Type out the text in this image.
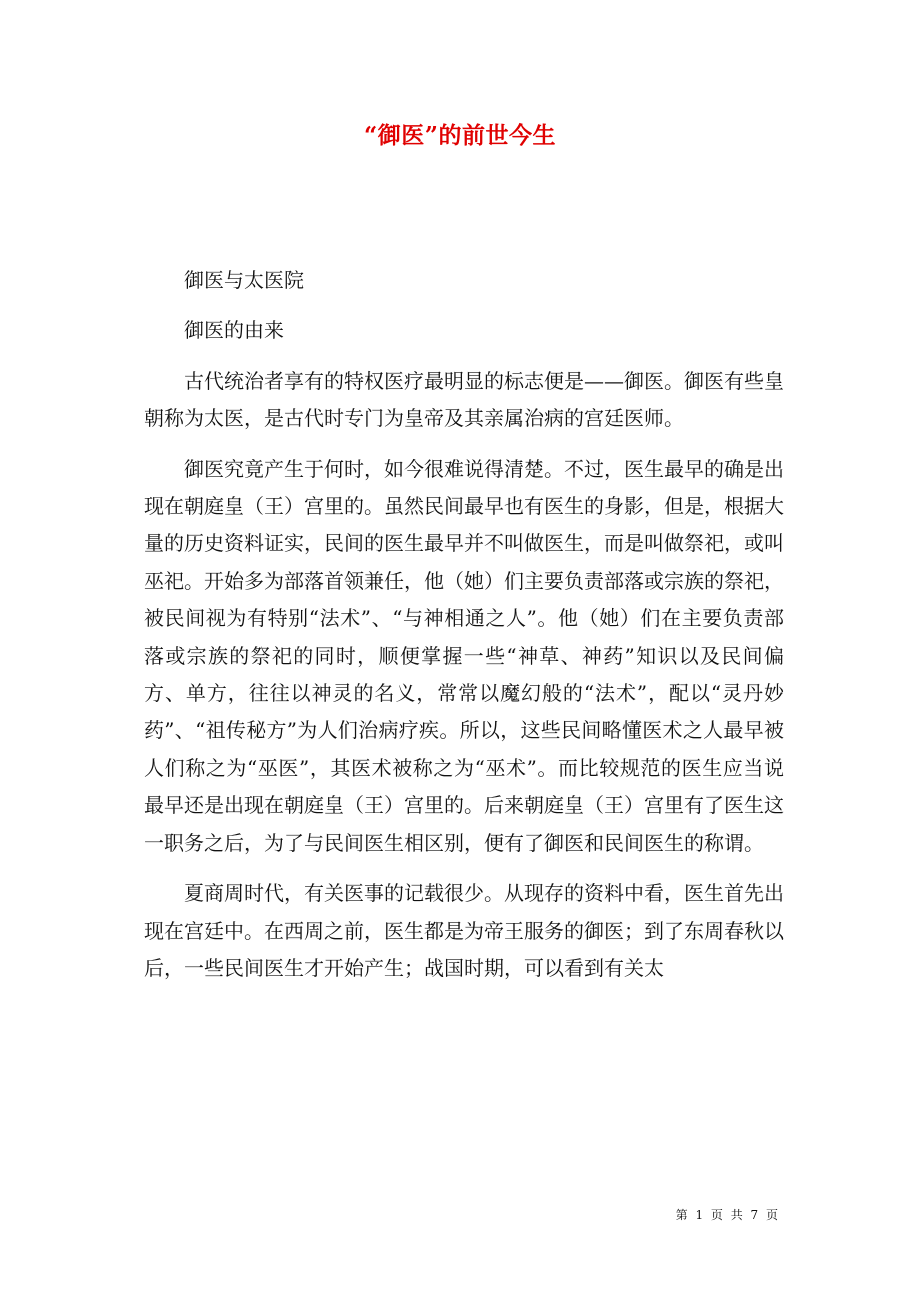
“御医”的前世今生

御医与太医院

御医的由来

古代统治者享有的特权医疗最明显的标志便是——御医。御医有些皇朝称为太医，是古代时专门为皇帝及其亲属治病的宫廷医师。

御医究竟产生于何时，如今很难说得清楚。不过，医生最早的确是出现在朝庭皇（王）宫里的。虽然民间最早也有医生的身影，但是，根据大量的历史资料证实，民间的医生最早并不叫做医生，而是叫做祭祀，或叫巫祀。开始多为部落首领兼任，他（她）们主要负责部落或宗族的祭祀，被民间视为有特别“法术”、“与神相通之人”。他（她）们在主要负责部落或宗族的祭祀的同时，顺便掌握一些“神草、神药”知识以及民间偏方、单方，往往以神灵的名义，常常以魔幻般的“法术”，配以“灵丹妙药”、“祖传秘方”为人们治病疗疾。所以，这些民间略懂医术之人最早被人们称之为“巫医”，其医术被称之为“巫术”。而比较规范的医生应当说最早还是出现在朝庭皇（王）宫里的。后来朝庭皇（王）宫里有了医生这一职务之后，为了与民间医生相区别，便有了御医和民间医生的称谓。

夏商周时代，有关医事的记载很少。从现存的资料中看，医生首先出现在宫廷中。在西周之前，医生都是为帝王服务的御医；到了东周春秋以后，一些民间医生才开始产生；战国时期，可以看到有关太

第 1 页 共 7 页
